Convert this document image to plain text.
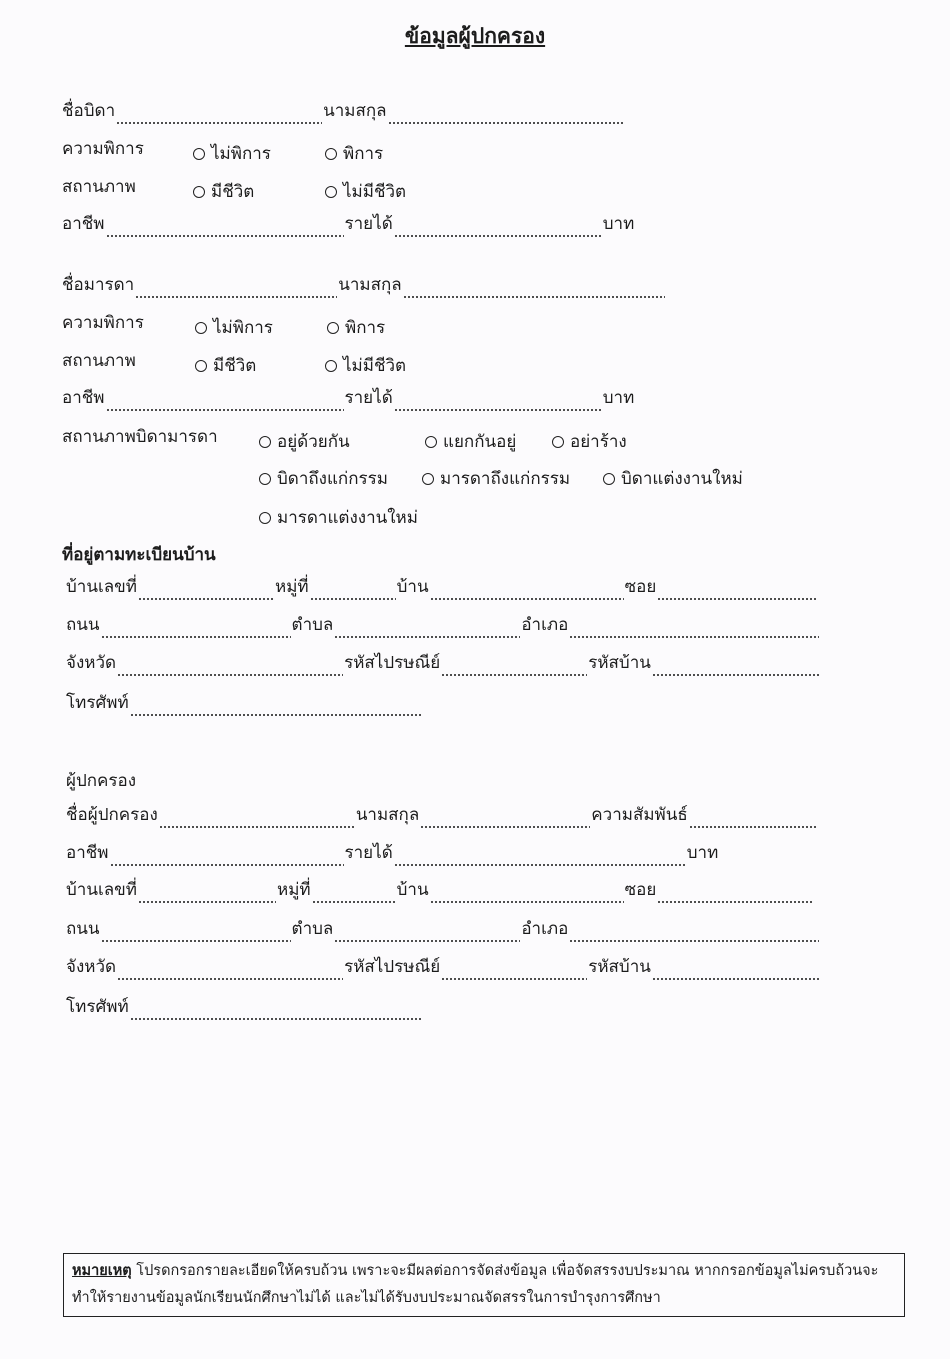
ข้อมูลผู้ปกครอง
ชื่อบิดา	นามสกุล
ความพิการ	ไม่พิการ	พิการ
สถานภาพ	มีชีวิต	ไม่มีชีวิต
อาชีพ	รายได้	บาท
ชื่อมารดา	นามสกุล
ความพิการ	ไม่พิการ	พิการ
สถานภาพ	มีชีวิต	ไม่มีชีวิต
อาชีพ	รายได้	บาท
สถานภาพบิดามารดา	อยู่ด้วยกัน	แยกกันอยู่	อย่าร้าง
บิดาถึงแก่กรรม	มารดาถึงแก่กรรม	บิดาแต่งงานใหม่
มารดาแต่งงานใหม่
ที่อยู่ตามทะเบียนบ้าน
บ้านเลขที่	หมู่ที่	บ้าน	ซอย
ถนน	ตำบล	อำเภอ
จังหวัด	รหัสไปรษณีย์	รหัสบ้าน
โทรศัพท์
ผู้ปกครอง
ชื่อผู้ปกครอง	นามสกุล	ความสัมพันธ์
อาชีพ	รายได้	บาท
บ้านเลขที่	หมู่ที่	บ้าน	ซอย
ถนน	ตำบล	อำเภอ
จังหวัด	รหัสไปรษณีย์	รหัสบ้าน
โทรศัพท์
หมายเหตุ โปรดกรอกรายละเอียดให้ครบถ้วน เพราะจะมีผลต่อการจัดส่งข้อมูล เพื่อจัดสรรงบประมาณ หากกรอกข้อมูลไม่ครบถ้วนจะทำให้รายงานข้อมูลนักเรียนนักศึกษาไม่ได้ และไม่ได้รับงบประมาณจัดสรรในการบำรุงการศึกษา
